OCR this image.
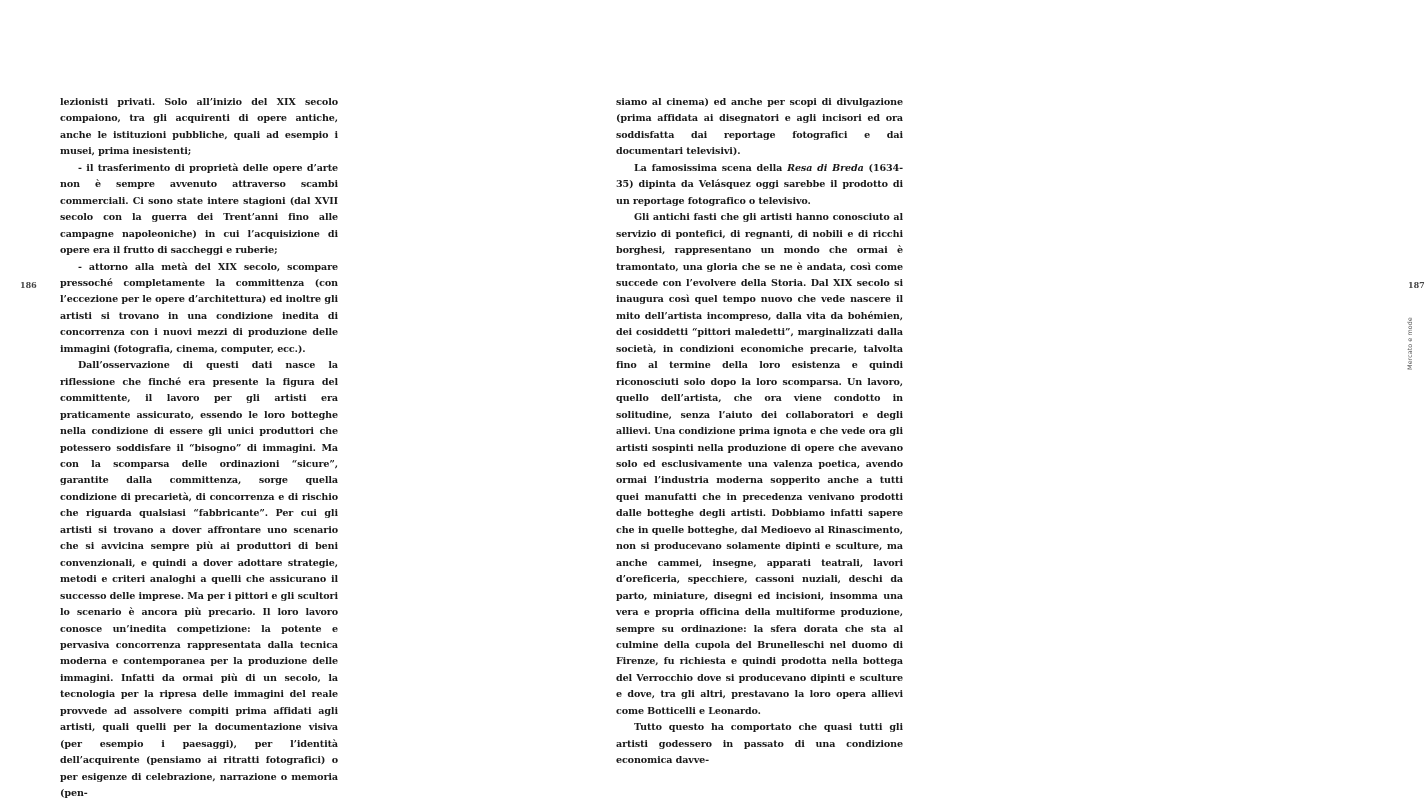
186

lezionisti privati. Solo all’inizio del XIX secolo compaiono, tra gli acquirenti di opere antiche, anche le istituzioni pubbliche, quali ad esempio i musei, prima inesistenti;

- il trasferimento di proprietà delle opere d’arte non è sempre avvenuto attraverso scambi commerciali. Ci sono state intere stagioni (dal XVII secolo con la guerra dei Trent’anni fino alle campagne napoleoniche) in cui l’acquisizione di opere era il frutto di saccheggi e ruberie;

- attorno alla metà del XIX secolo, scompare pressoché completamente la committenza (con l’eccezione per le opere d’architettura) ed inoltre gli artisti si trovano in una condizione inedita di concorrenza con i nuovi mezzi di produzione delle immagini (fotografia, cinema, computer, ecc.).

Dall’osservazione di questi dati nasce la riflessione che finché era presente la figura del committente, il lavoro per gli artisti era praticamente assicurato, essendo le loro botteghe nella condizione di essere gli unici produttori che potessero soddisfare il “bisogno” di immagini. Ma con la scomparsa delle ordinazioni “sicure”, garantite dalla committenza, sorge quella condizione di precarietà, di concorrenza e di rischio che riguarda qualsiasi “fabbricante”. Per cui gli artisti si trovano a dover affrontare uno scenario che si avvicina sempre più ai produttori di beni convenzionali, e quindi a dover adottare strategie, metodi e criteri analoghi a quelli che assicurano il successo delle imprese. Ma per i pittori e gli scultori lo scenario è ancora più precario. Il loro lavoro conosce un’inedita competizione: la potente e pervasiva concorrenza rappresentata dalla tecnica moderna e contemporanea per la produzione delle immagini. Infatti da ormai più di un secolo, la tecnologia per la ripresa delle immagini del reale provvede ad assolvere compiti prima affidati agli artisti, quali quelli per la documentazione visiva (per esempio i paesaggi), per l’identità dell’acquirente (pensiamo ai ritratti fotografici) o per esigenze di celebrazione, narrazione o memoria (pen-

187
Mercato e mode

siamo al cinema) ed anche per scopi di divulgazione (prima affidata ai disegnatori e agli incisori ed ora soddisfatta dai reportage fotografici e dai documentari televisivi).

La famosissima scena della Resa di Breda (1634-35) dipinta da Velásquez oggi sarebbe il prodotto di un reportage fotografico o televisivo.

Gli antichi fasti che gli artisti hanno conosciuto al servizio di pontefici, di regnanti, di nobili e di ricchi borghesi, rappresentano un mondo che ormai è tramontato, una gloria che se ne è andata, così come succede con l’evolvere della Storia. Dal XIX secolo si inaugura così quel tempo nuovo che vede nascere il mito dell’artista incompreso, dalla vita da bohémien, dei cosiddetti “pittori maledetti”, marginalizzati dalla società, in condizioni economiche precarie, talvolta fino al termine della loro esistenza e quindi riconosciuti solo dopo la loro scomparsa. Un lavoro, quello dell’artista, che ora viene condotto in solitudine, senza l’aiuto dei collaboratori e degli allievi. Una condizione prima ignota e che vede ora gli artisti sospinti nella produzione di opere che avevano solo ed esclusivamente una valenza poetica, avendo ormai l’industria moderna sopperito anche a tutti quei manufatti che in precedenza venivano prodotti dalle botteghe degli artisti. Dobbiamo infatti sapere che in quelle botteghe, dal Medioevo al Rinascimento, non si producevano solamente dipinti e sculture, ma anche cammei, insegne, apparati teatrali, lavori d’oreficeria, specchiere, cassoni nuziali, deschi da parto, miniature, disegni ed incisioni, insomma una vera e propria officina della multiforme produzione, sempre su ordinazione: la sfera dorata che sta al culmine della cupola del Brunelleschi nel duomo di Firenze, fu richiesta e quindi prodotta nella bottega del Verrocchio dove si producevano dipinti e sculture e dove, tra gli altri, prestavano la loro opera allievi come Botticelli e Leonardo.

Tutto questo ha comportato che quasi tutti gli artisti godessero in passato di una condizione economica davve-
